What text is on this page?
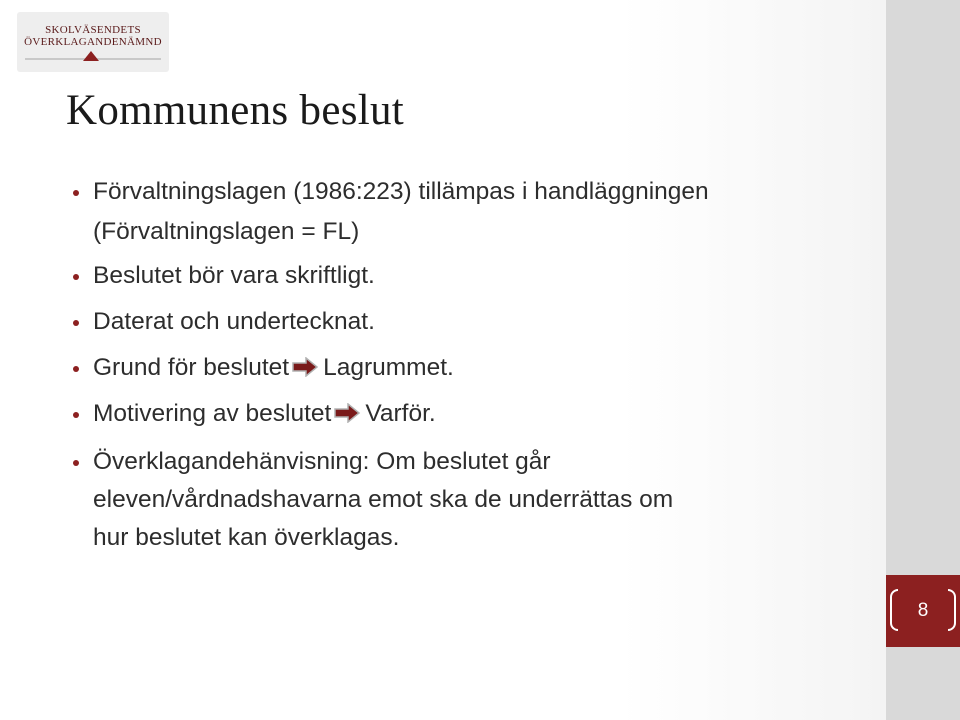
SKOLVÄSENDETS
ÖVERKLAGANDENÄMND
Kommunens beslut
Förvaltningslagen (1986:223) tillämpas i handläggningen
(Förvaltningslagen = FL)
Beslutet bör vara skriftligt.
Daterat och undertecknat.
Grund för beslutet Lagrummet.
Motivering av beslutet Varför.
Överklagandehänvisning: Om beslutet går
eleven/vårdnadshavarna emot ska de underrättas om
hur beslutet kan överklagas.
8
